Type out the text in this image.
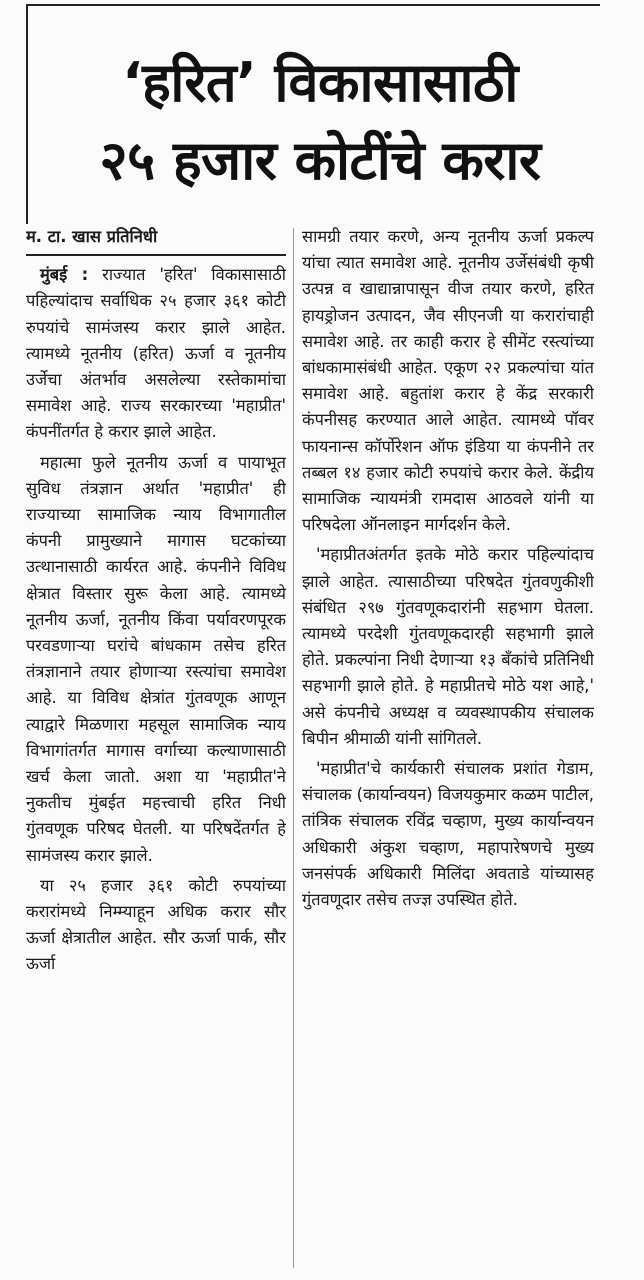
‘हरित’ विकासासाठी
२५ हजार कोटींचे करार
म. टा. खास प्रतिनिधी

मुंबई : राज्यात 'हरित' विकासासाठी पहिल्यांदाच सर्वाधिक २५ हजार ३६१ कोटी रुपयांचे सामंजस्य करार झाले आहेत. त्यामध्ये नूतनीय (हरित) ऊर्जा व नूतनीय उर्जेचा अंतर्भाव असलेल्या रस्तेकामांचा समावेश आहे. राज्य सरकारच्या 'महाप्रीत' कंपनींतर्गत हे करार झाले आहेत.

महात्मा फुले नूतनीय ऊर्जा व पायाभूत सुविध तंत्रज्ञान अर्थात 'महाप्रीत' ही राज्याच्या सामाजिक न्याय विभागातील कंपनी प्रामुख्याने मागास घटकांच्या उत्थानासाठी कार्यरत आहे. कंपनीने विविध क्षेत्रात विस्तार सुरू केला आहे. त्यामध्ये नूतनीय ऊर्जा, नूतनीय किंवा पर्यावरणपूरक परवडणाऱ्या घरांचे बांधकाम तसेच हरित तंत्रज्ञानाने तयार होणाऱ्या रस्त्यांचा समावेश आहे. या विविध क्षेत्रांत गुंतवणूक आणून त्याद्वारे मिळणारा महसूल सामाजिक न्याय विभागांतर्गत मागास वर्गाच्या कल्याणासाठी खर्च केला जातो. अशा या 'महाप्रीत'ने नुकतीच मुंबईत महत्त्वाची हरित निधी गुंतवणूक परिषद घेतली. या परिषदेंतर्गत हे सामंजस्य करार झाले.

या २५ हजार ३६१ कोटी रुपयांच्या करारांमध्ये निम्म्याहून अधिक करार सौर ऊर्जा क्षेत्रातील आहेत. सौर ऊर्जा पार्क, सौर ऊर्जा

सामग्री तयार करणे, अन्य नूतनीय ऊर्जा प्रकल्प यांचा त्यात समावेश आहे. नूतनीय उर्जेसंबंधी कृषी उत्पन्न व खाद्यान्नापासून वीज तयार करणे, हरित हायड्रोजन उत्पादन, जैव सीएनजी या करारांचाही समावेश आहे. तर काही करार हे सीमेंट रस्त्यांच्या बांधकामासंबंधी आहेत. एकूण २२ प्रकल्पांचा यांत समावेश आहे. बहुतांश करार हे केंद्र सरकारी कंपनीसह करण्यात आले आहेत. त्यामध्ये पॉवर फायनान्स कॉर्पोरेशन ऑफ इंडिया या कंपनीने तर तब्बल १४ हजार कोटी रुपयांचे करार केले. केंद्रीय सामाजिक न्यायमंत्री रामदास आठवले यांनी या परिषदेला ऑनलाइन मार्गदर्शन केले.

'महाप्रीतअंतर्गत इतके मोठे करार पहिल्यांदाच झाले आहेत. त्यासाठीच्या परिषदेत गुंतवणुकीशी संबंधित २९७ गुंतवणूकदारांनी सहभाग घेतला. त्यामध्ये परदेशी गुंतवणूकदारही सहभागी झाले होते. प्रकल्पांना निधी देणाऱ्या १३ बँकांचे प्रतिनिधी सहभागी झाले होते. हे महाप्रीतचे मोठे यश आहे,' असे कंपनीचे अध्यक्ष व व्यवस्थापकीय संचालक बिपीन श्रीमाळी यांनी सांगितले.

'महाप्रीत'चे कार्यकारी संचालक प्रशांत गेडाम, संचालक (कार्यान्वयन) विजयकुमार कळम पाटील, तांत्रिक संचालक रविंद्र चव्हाण, मुख्य कार्यान्वयन अधिकारी अंकुश चव्हाण, महापारेषणचे मुख्य जनसंपर्क अधिकारी मिलिंदा अवताडे यांच्यासह गुंतवणूदार तसेच तज्ज्ञ उपस्थित होते.
